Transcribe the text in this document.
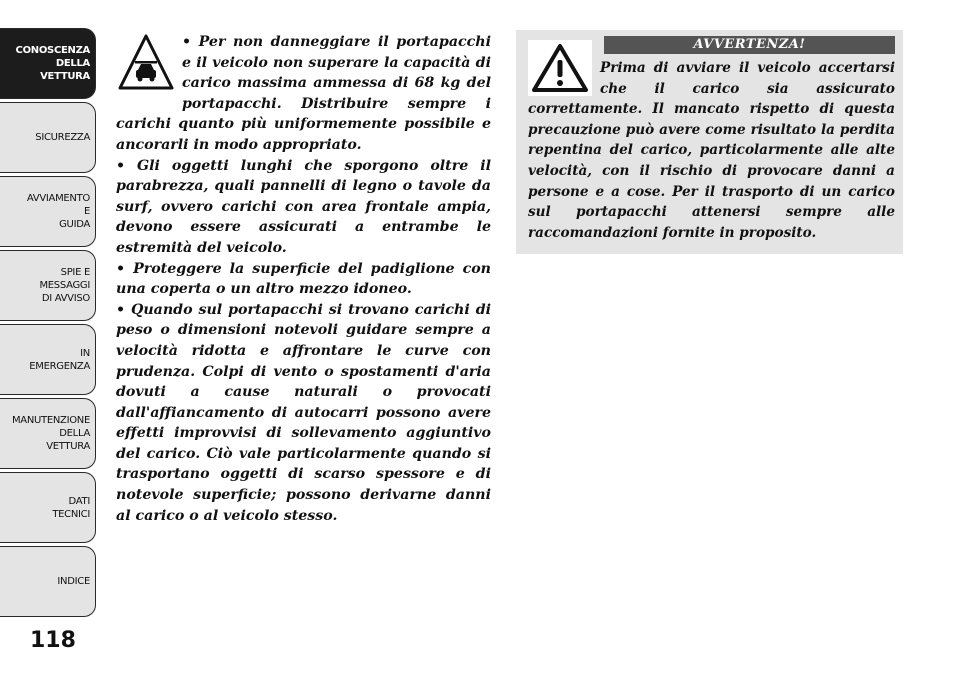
CONOSCENZA
DELLA
VETTURA
SICUREZZA
AVVIAMENTO
E
GUIDA
SPIE E
MESSAGGI
DI AVVISO
IN
EMERGENZA
MANUTENZIONE
DELLA
VETTURA
DATI
TECNICI
INDICE
118

• Per non danneggiare il portapacchi e il veicolo non superare la capacità di carico massima ammessa di 68 kg del portapacchi. Distribuire sempre i carichi quanto più uniformemente possibile e ancorarli in modo appropriato.

• Gli oggetti lunghi che sporgono oltre il parabrezza, quali pannelli di legno o tavole da surf, ovvero carichi con area frontale ampia, devono essere assicurati a entrambe le estremità del veicolo.

• Proteggere la superficie del padiglione con una coperta o un altro mezzo idoneo.

• Quando sul portapacchi si trovano carichi di peso o dimensioni notevoli guidare sempre a velocità ridotta e affrontare le curve con prudenza. Colpi di vento o spostamenti d'aria dovuti a cause naturali o provocati dall'affiancamento di autocarri possono avere effetti improvvisi di sollevamento aggiuntivo del carico. Ciò vale particolarmente quando si trasportano oggetti di scarso spessore e di notevole superficie; possono derivarne danni al carico o al veicolo stesso.

AVVERTENZA!
Prima di avviare il veicolo accertarsi che il carico sia assicurato correttamente. Il mancato rispetto di questa precauzione può avere come risultato la perdita repentina del carico, particolarmente alle alte velocità, con il rischio di provocare danni a persone e a cose. Per il trasporto di un carico sul portapacchi attenersi sempre alle raccomandazioni fornite in proposito.
